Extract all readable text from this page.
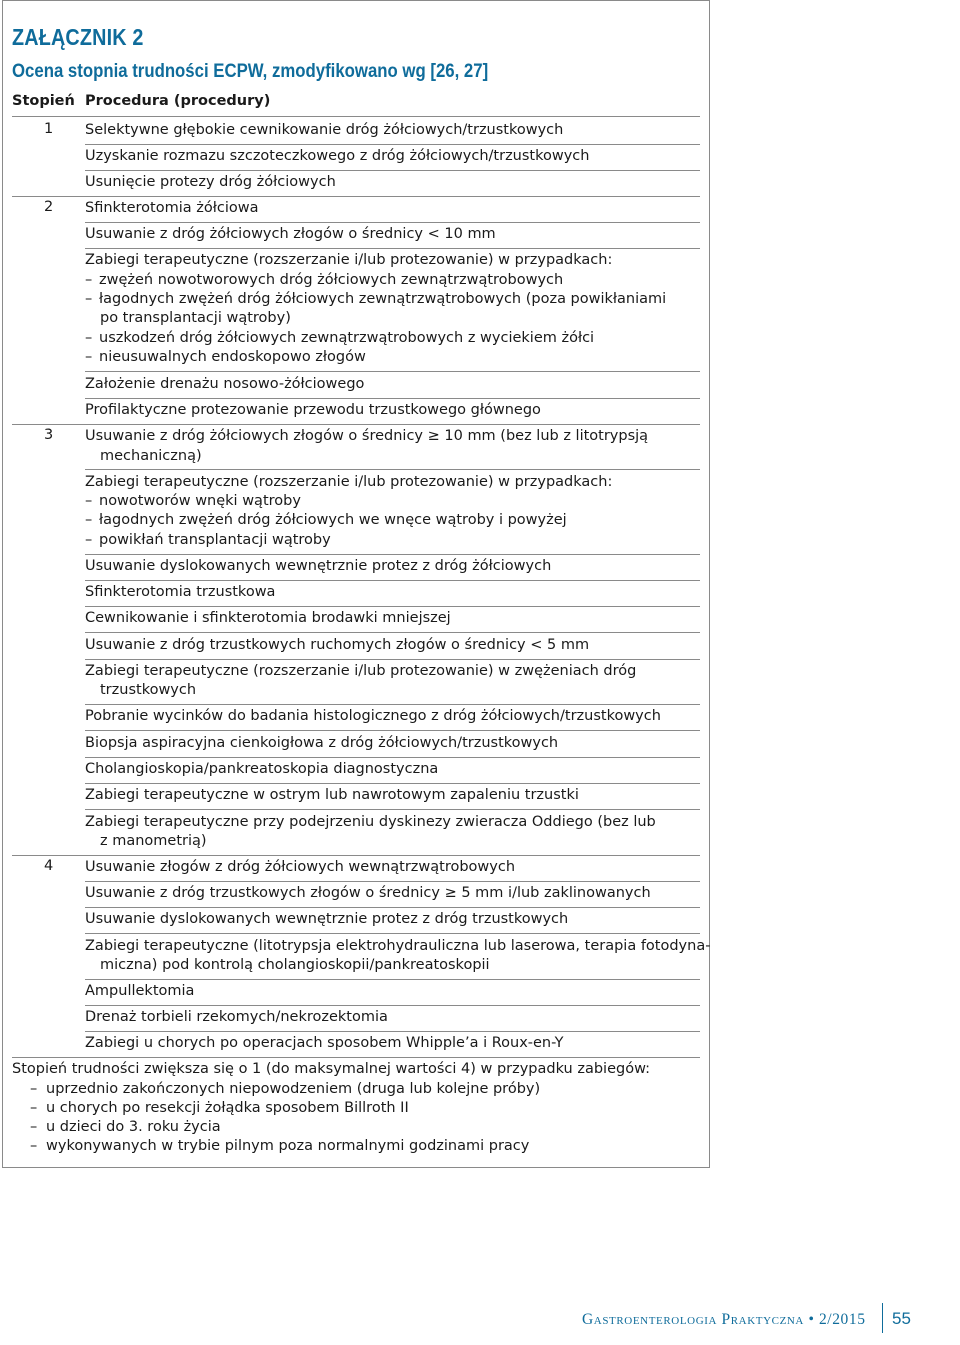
ZAŁĄCZNIK 2
Ocena stopnia trudności ECPW, zmodyfikowano wg [26, 27]
Stopień Procedura (procedury)
1 Selektywne głębokie cewnikowanie dróg żółciowych/trzustkowych
Uzyskanie rozmazu szczoteczkowego z dróg żółciowych/trzustkowych
Usunięcie protezy dróg żółciowych
2 Sfinkterotomia żółciowa
Usuwanie z dróg żółciowych złogów o średnicy < 10 mm
Zabiegi terapeutyczne (rozszerzanie i/lub protezowanie) w przypadkach:
– zwężeń nowotworowych dróg żółciowych zewnątrzwątrobowych
– łagodnych zwężeń dróg żółciowych zewnątrzwątrobowych (poza powikłaniami
po transplantacji wątroby)
– uszkodzeń dróg żółciowych zewnątrzwątrobowych z wyciekiem żółci
– nieusuwalnych endoskopowo złogów
Założenie drenażu nosowo-żółciowego
Profilaktyczne protezowanie przewodu trzustkowego głównego
3 Usuwanie z dróg żółciowych złogów o średnicy ≥ 10 mm (bez lub z litotrypsją
mechaniczną)
Zabiegi terapeutyczne (rozszerzanie i/lub protezowanie) w przypadkach:
– nowotworów wnęki wątroby
– łagodnych zwężeń dróg żółciowych we wnęce wątroby i powyżej
– powikłań transplantacji wątroby
Usuwanie dyslokowanych wewnętrznie protez z dróg żółciowych
Sfinkterotomia trzustkowa
Cewnikowanie i sfinkterotomia brodawki mniejszej
Usuwanie z dróg trzustkowych ruchomych złogów o średnicy < 5 mm
Zabiegi terapeutyczne (rozszerzanie i/lub protezowanie) w zwężeniach dróg
trzustkowych
Pobranie wycinków do badania histologicznego z dróg żółciowych/trzustkowych
Biopsja aspiracyjna cienkoigłowa z dróg żółciowych/trzustkowych
Cholangioskopia/pankreatoskopia diagnostyczna
Zabiegi terapeutyczne w ostrym lub nawrotowym zapaleniu trzustki
Zabiegi terapeutyczne przy podejrzeniu dyskinezy zwieracza Oddiego (bez lub
z manometrią)
4 Usuwanie złogów z dróg żółciowych wewnątrzwątrobowych
Usuwanie z dróg trzustkowych złogów o średnicy ≥ 5 mm i/lub zaklinowanych
Usuwanie dyslokowanych wewnętrznie protez z dróg trzustkowych
Zabiegi terapeutyczne (litotrypsja elektrohydrauliczna lub laserowa, terapia fotodyna-
miczna) pod kontrolą cholangioskopii/pankreatoskopii
Ampullektomia
Drenaż torbieli rzekomych/nekrozektomia
Zabiegi u chorych po operacjach sposobem Whipple’a i Roux-en-Y
Stopień trudności zwiększa się o 1 (do maksymalnej wartości 4) w przypadku zabiegów:
– uprzednio zakończonych niepowodzeniem (druga lub kolejne próby)
– u chorych po resekcji żołądka sposobem Billroth II
– u dzieci do 3. roku życia
– wykonywanych w trybie pilnym poza normalnymi godzinami pracy
Gastroenterologia Praktyczna • 2/2015 55
